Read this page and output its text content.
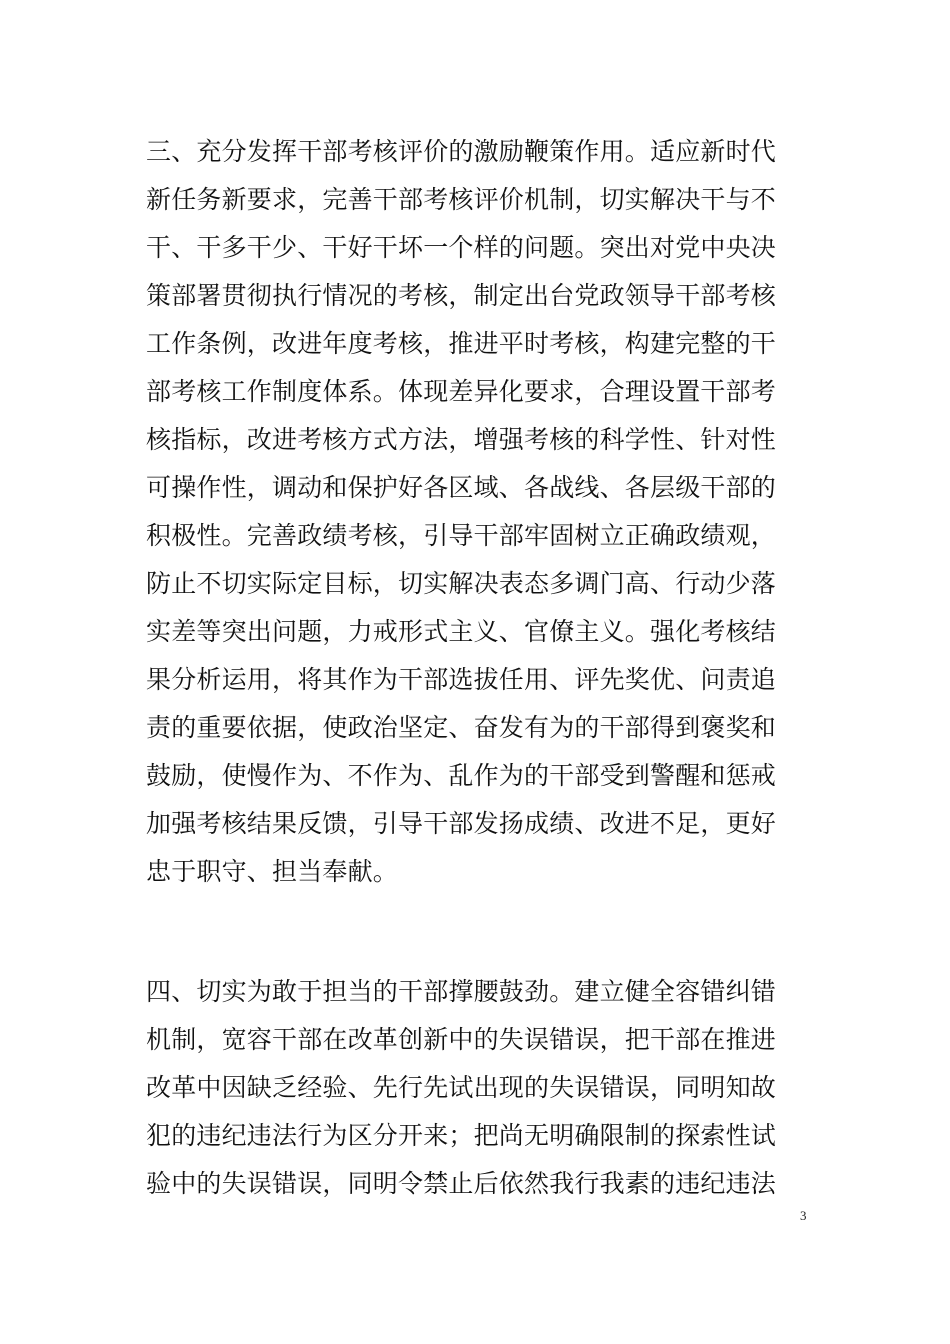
三、充分发挥干部考核评价的激励鞭策作用。适应新时代
新任务新要求，完善干部考核评价机制，切实解决干与不
干、干多干少、干好干坏一个样的问题。突出对党中央决
策部署贯彻执行情况的考核，制定出台党政领导干部考核
工作条例，改进年度考核，推进平时考核，构建完整的干
部考核工作制度体系。体现差异化要求，合理设置干部考
核指标，改进考核方式方法，增强考核的科学性、针对性
可操作性，调动和保护好各区域、各战线、各层级干部的
积极性。完善政绩考核，引导干部牢固树立正确政绩观，
防止不切实际定目标，切实解决表态多调门高、行动少落
实差等突出问题，力戒形式主义、官僚主义。强化考核结
果分析运用，将其作为干部选拔任用、评先奖优、问责追
责的重要依据，使政治坚定、奋发有为的干部得到褒奖和
鼓励，使慢作为、不作为、乱作为的干部受到警醒和惩戒
加强考核结果反馈，引导干部发扬成绩、改进不足，更好
忠于职守、担当奉献。
四、切实为敢于担当的干部撑腰鼓劲。建立健全容错纠错
机制，宽容干部在改革创新中的失误错误，把干部在推进
改革中因缺乏经验、先行先试出现的失误错误，同明知故
犯的违纪违法行为区分开来；把尚无明确限制的探索性试
验中的失误错误，同明令禁止后依然我行我素的违纪违法
3
